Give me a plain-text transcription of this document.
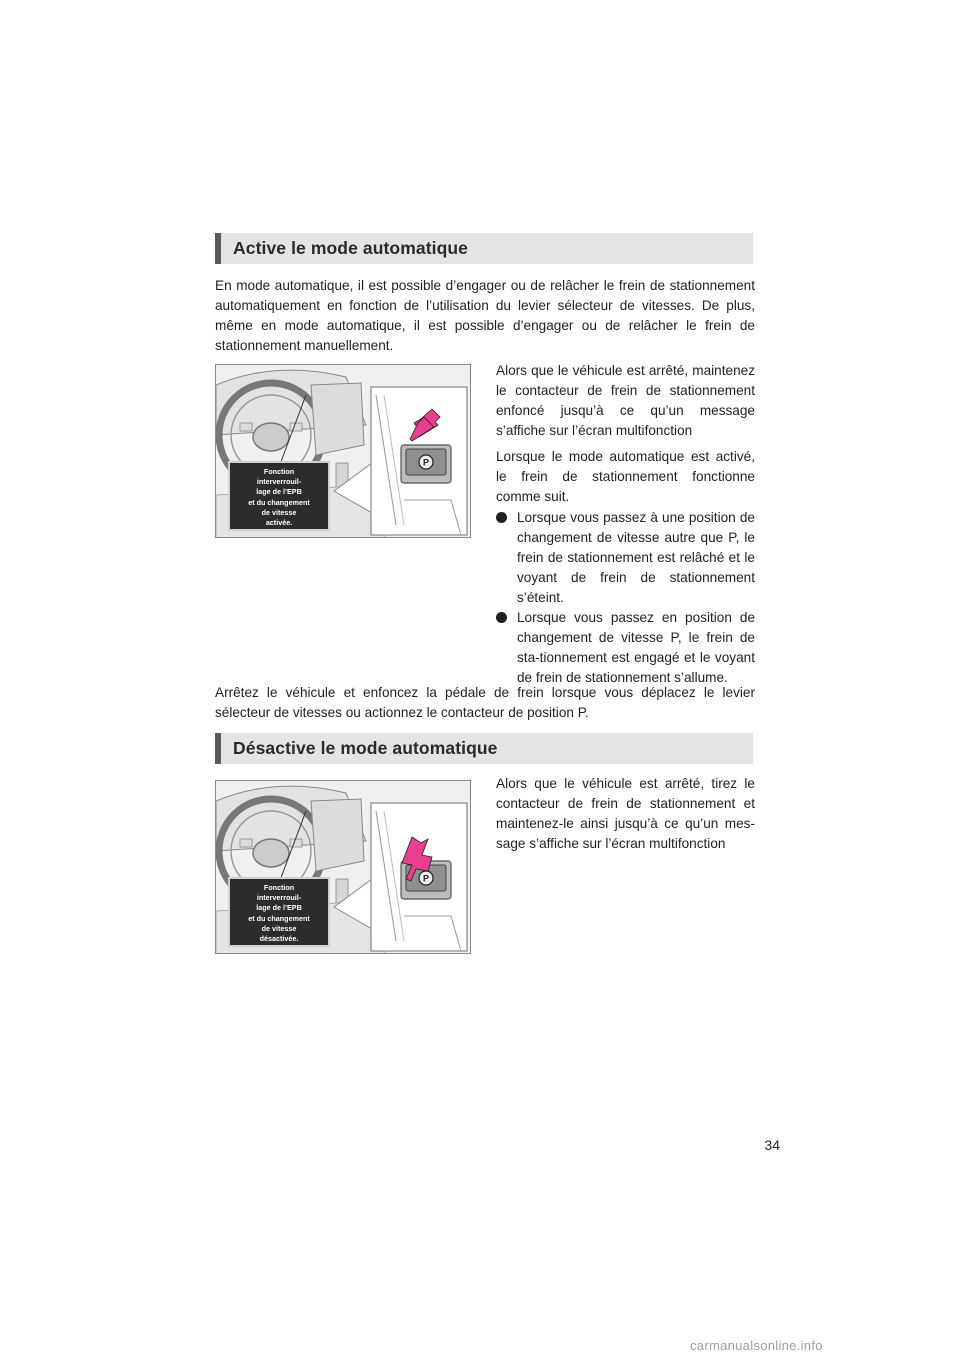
Active le mode automatique

En mode automatique, il est possible d’engager ou de relâcher le frein de stationnement automatiquement en fonction de l’utilisation du levier sélecteur de vitesses. De plus, même en mode automatique, il est possible d’engager ou de relâcher le frein de stationnement manuellement.

P
Fonction
interverrouil-
lage de l’EPB
et du changement
de vitesse
activée.

Alors que le véhicule est arrêté, maintenez le contacteur de frein de stationnement enfoncé jusqu’à ce qu’un message s’affiche sur l’écran multifonction

Lorsque le mode automatique est activé, le frein de stationnement fonctionne comme suit.

Lorsque vous passez à une position de changement de vitesse autre que P, le frein de stationnement est relâché et le voyant de frein de stationnement s’éteint.
Lorsque vous passez en position de changement de vitesse P, le frein de sta-tionnement est engagé et le voyant de frein de stationnement s’allume.

Arrêtez le véhicule et enfoncez la pédale de frein lorsque vous déplacez le levier sélecteur de vitesses ou actionnez le contacteur de position P.

Désactive le mode automatique
P
Fonction
interverrouil-
lage de l’EPB
et du changement
de vitesse
désactivée.

Alors que le véhicule est arrêté, tirez le contacteur de frein de stationnement et maintenez-le ainsi jusqu’à ce qu’un mes-sage s’affiche sur l’écran multifonction

34
carmanualsonline.info
